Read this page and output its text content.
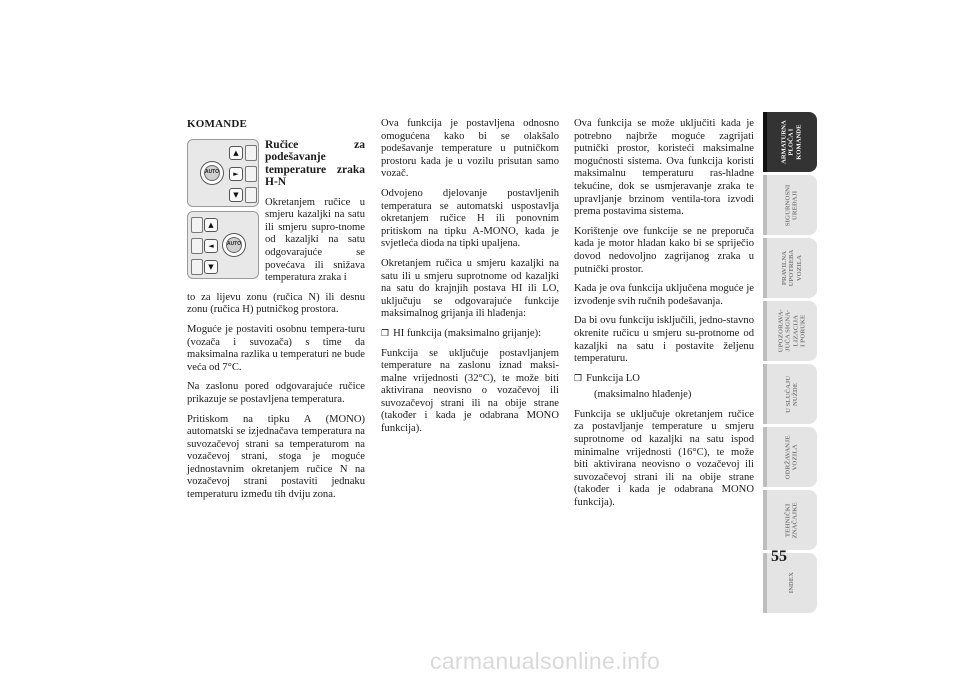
KOMANDE
AUTO
▲
►
▼
▲
◄
▼
AUTO
Ručice za podešavanje temperature zraka H-N

Okretanjem ručice u smjeru kazaljki na satu ili smjeru supro-tnome od kazaljki na satu odgovarajuće se povećava ili snižava temperatura zraka i

to za lijevu zonu (ručica N) ili desnu zonu (ručica H) putničkog prostora.

Moguće je postaviti osobnu tempera-turu (vozača i suvozača) s time da maksimalna razlika u temperaturi ne bude veća od 7°C.

Na zaslonu pored odgovarajuće ručice prikazuje se postavljena temperatura.

Pritiskom na tipku A (MONO) automatski se izjednačava temperatura na suvozačevoj strani sa temperaturom na vozačevoj strani, stoga je moguće jednostavnim okretanjem ručice N na vozačevoj strani postaviti jednaku temperaturu između tih dviju zona.

Ova funkcija je postavljena odnosno omogućena kako bi se olakšalo podešavanje temperature u putničkom prostoru kada je u vozilu prisutan samo vozač.

Odvojeno djelovanje postavljenih temperatura se automatski uspostavlja okretanjem ručice H ili ponovnim pritiskom na tipku A-MONO, kada je svjetleća dioda na tipki upaljena.

Okretanjem ručica u smjeru kazaljki na satu ili u smjeru suprotnome od kazaljki na satu do krajnjih postava HI ili LO, uključuju se odgovarajuće funkcije maksimalnog grijanja ili hlađenja:

❐ HI funkcija (maksimalno grijanje):

Funkcija se uključuje postavljanjem temperature na zaslonu iznad maksi-malne vrijednosti (32°C), te može biti aktivirana neovisno o vozačevoj ili suvozačevoj strani ili na obije strane (također i kada je odabrana MONO funkcija).

Ova funkcija se može uključiti kada je potrebno najbrže moguće zagrijati putnički prostor, koristeći maksimalne mogućnosti sistema. Ova funkcija koristi maksimalnu temperaturu ras-hladne tekućine, dok se usmjeravanje zraka te upravljanje brzinom ventila-tora izvodi prema postavima sistema.

Korištenje ove funkcije se ne preporuča kada je motor hladan kako bi se spriječio dovod nedovoljno zagrijanog zraka u putnički prostor.

Kada je ova funkcija uključena moguće je izvođenje svih ručnih podešavanja.

Da bi ovu funkciju isključili, jedno-stavno okrenite ručicu u smjeru su-protnome od kazaljki na satu i postavite željenu temperaturu.

❐ Funkcija LO

(maksimalno hlađenje)

Funkcija se uključuje okretanjem ručice za postavljanje temperature u smjeru suprotnome od kazaljki na satu ispod minimalne vrijednosti (16°C), te može biti aktivirana neovisno o vozačevoj ili suvozačevoj strani ili na obije strane (također i kada je odabrana MONO funkcija).

ARMATURNA
PLOČA I
KOMANDE
SIGURNOSNI
UREĐAJI
PRAVILNA
UPOTREBA
VOZILA
UPOZORAVA-
JUĆA SIGNA-
LIZACIJA
I PORUKE
U SLUČAJU
NUŽDE
ODRŽAVANJE
VOZILA
TEHNIČKI
ZNAČAJKE
INDEX
55
carmanualsonline.info
